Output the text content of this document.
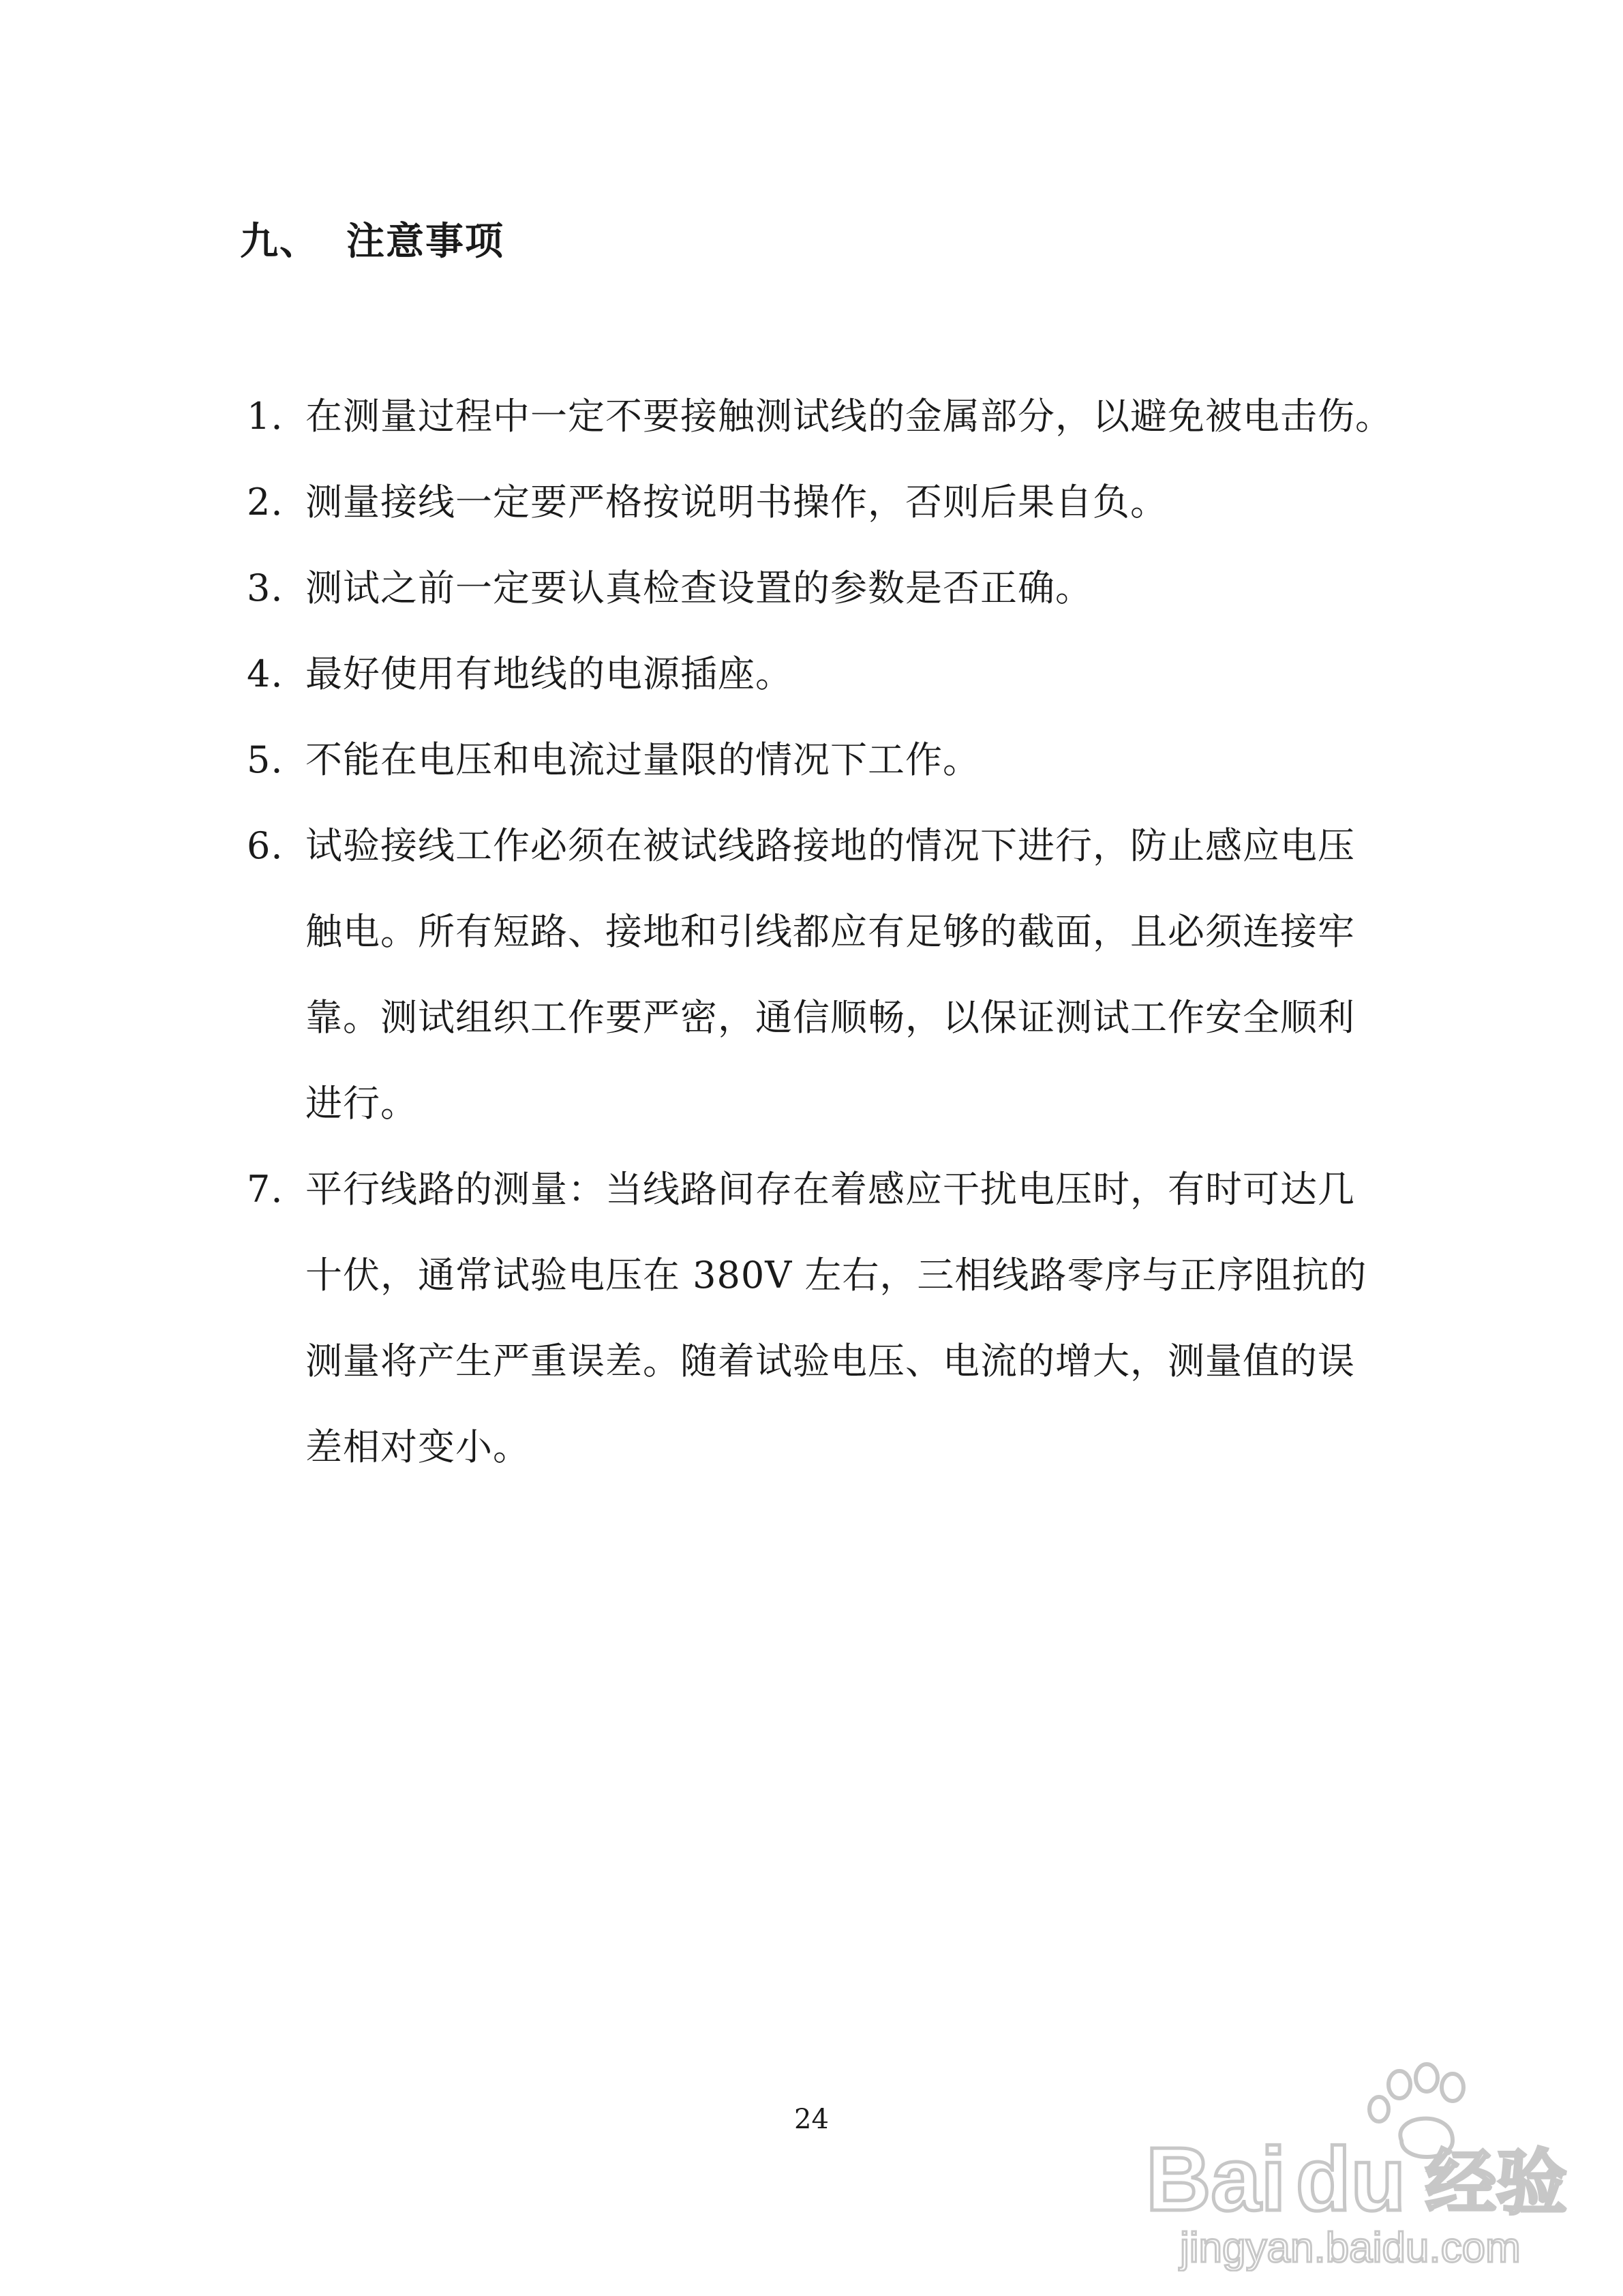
九、 注意事项
1. 在测量过程中一定不要接触测试线的金属部分，以避免被电击伤。
2. 测量接线一定要严格按说明书操作，否则后果自负。
3. 测试之前一定要认真检查设置的参数是否正确。
4. 最好使用有地线的电源插座。
5. 不能在电压和电流过量限的情况下工作。
6. 试验接线工作必须在被试线路接地的情况下进行，防止感应电压
触电。所有短路、接地和引线都应有足够的截面，且必须连接牢
靠。测试组织工作要严密，通信顺畅，以保证测试工作安全顺利
进行。
7. 平行线路的测量：当线路间存在着感应干扰电压时，有时可达几
十伏，通常试验电压在 380V 左右，三相线路零序与正序阻抗的
测量将产生严重误差。随着试验电压、电流的增大，测量值的误
差相对变小。
24
Bai du 经验
jingyan.baidu.com
